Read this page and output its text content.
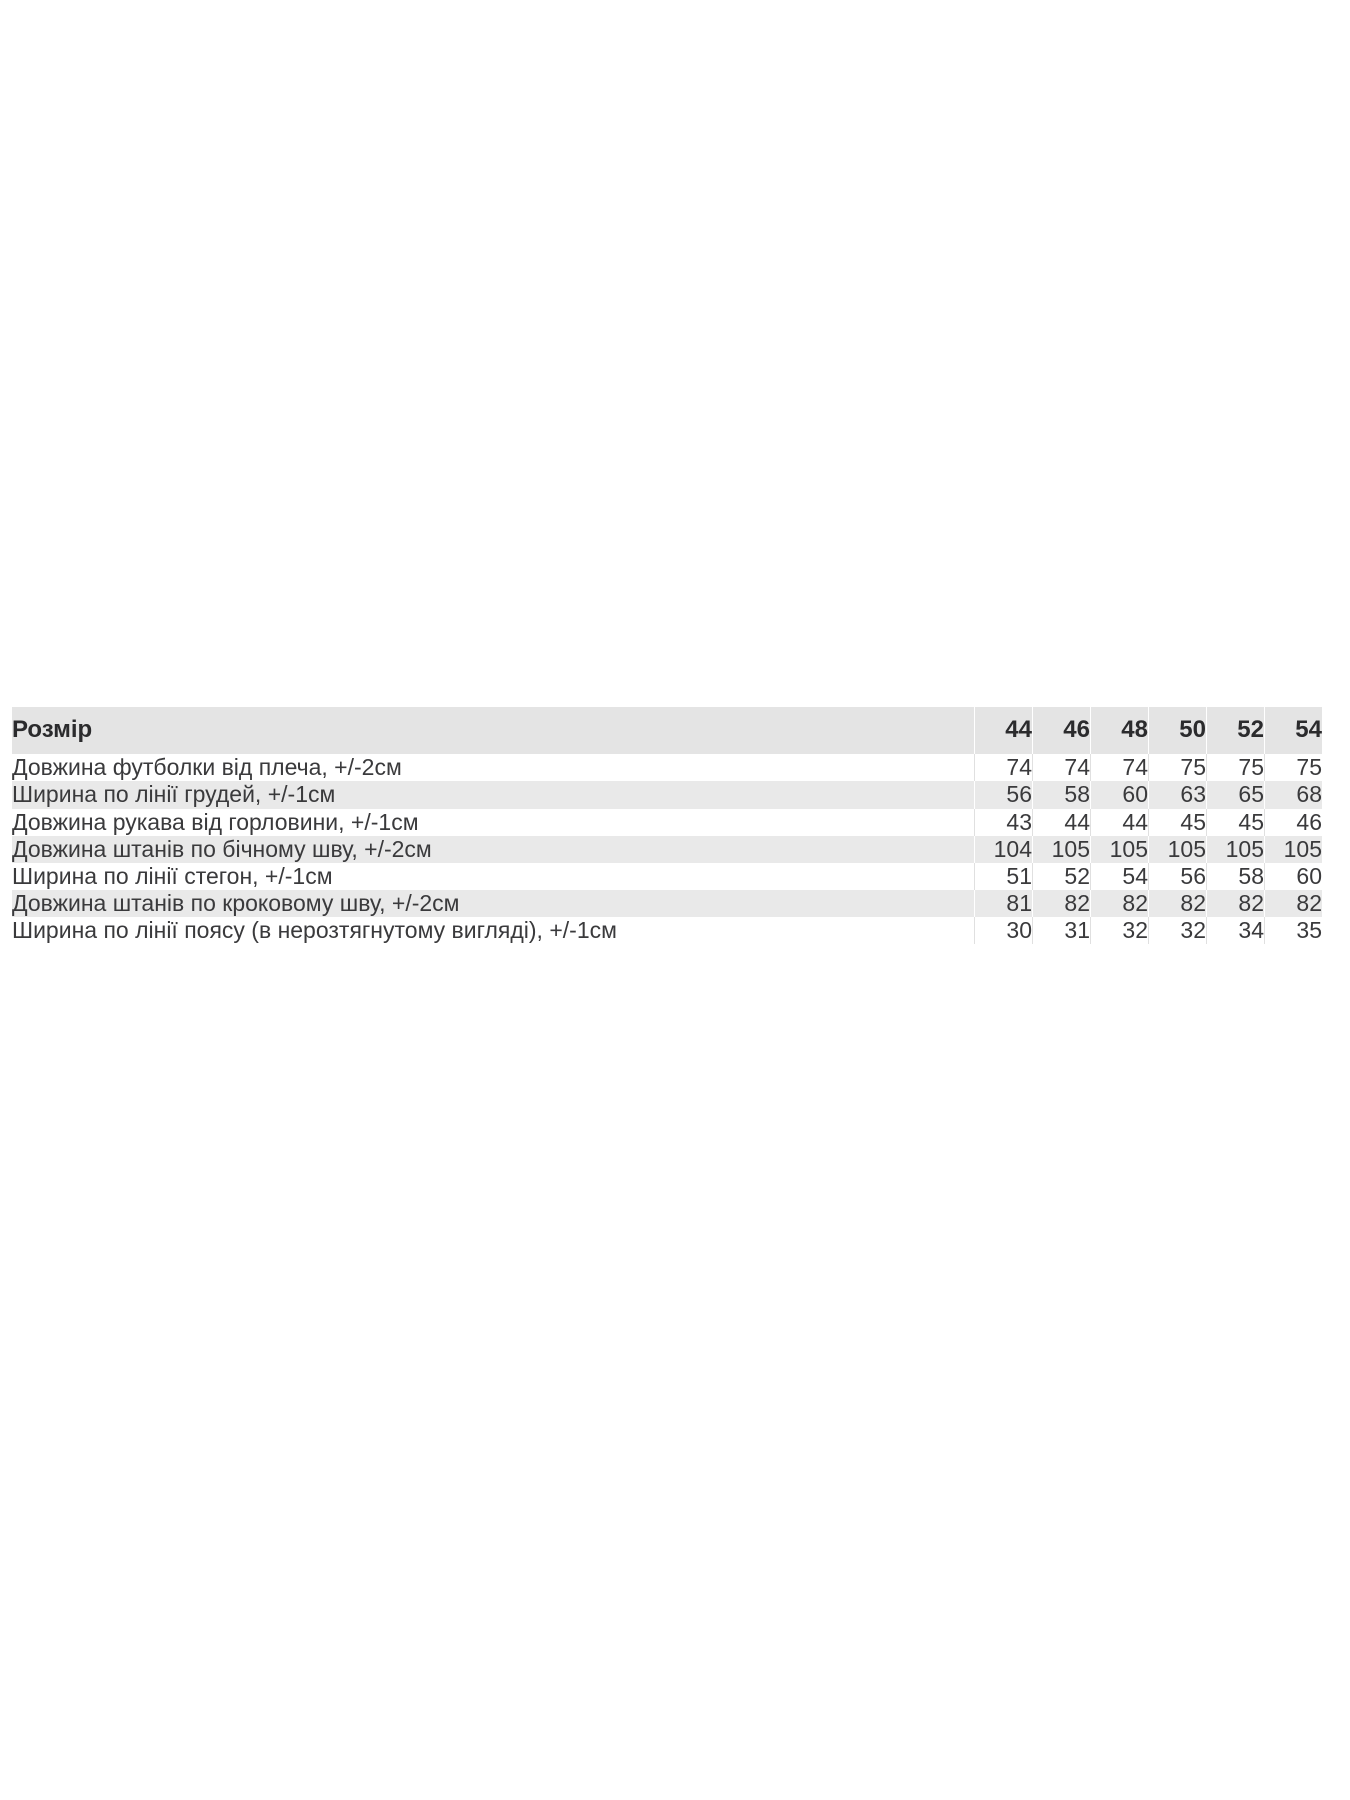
Розмір	44	46	48	50	52	54
Довжина футболки від плеча, +/-2см	74	74	74	75	75	75
Ширина по лінії грудей, +/-1см	56	58	60	63	65	68
Довжина рукава від горловини, +/-1см	43	44	44	45	45	46
Довжина штанів по бічному шву, +/-2см	104	105	105	105	105	105
Ширина по лінії стегон, +/-1см	51	52	54	56	58	60
Довжина штанів по кроковому шву, +/-2см	81	82	82	82	82	82
Ширина по лінії поясу (в нерозтягнутому вигляді), +/-1см	30	31	32	32	34	35
